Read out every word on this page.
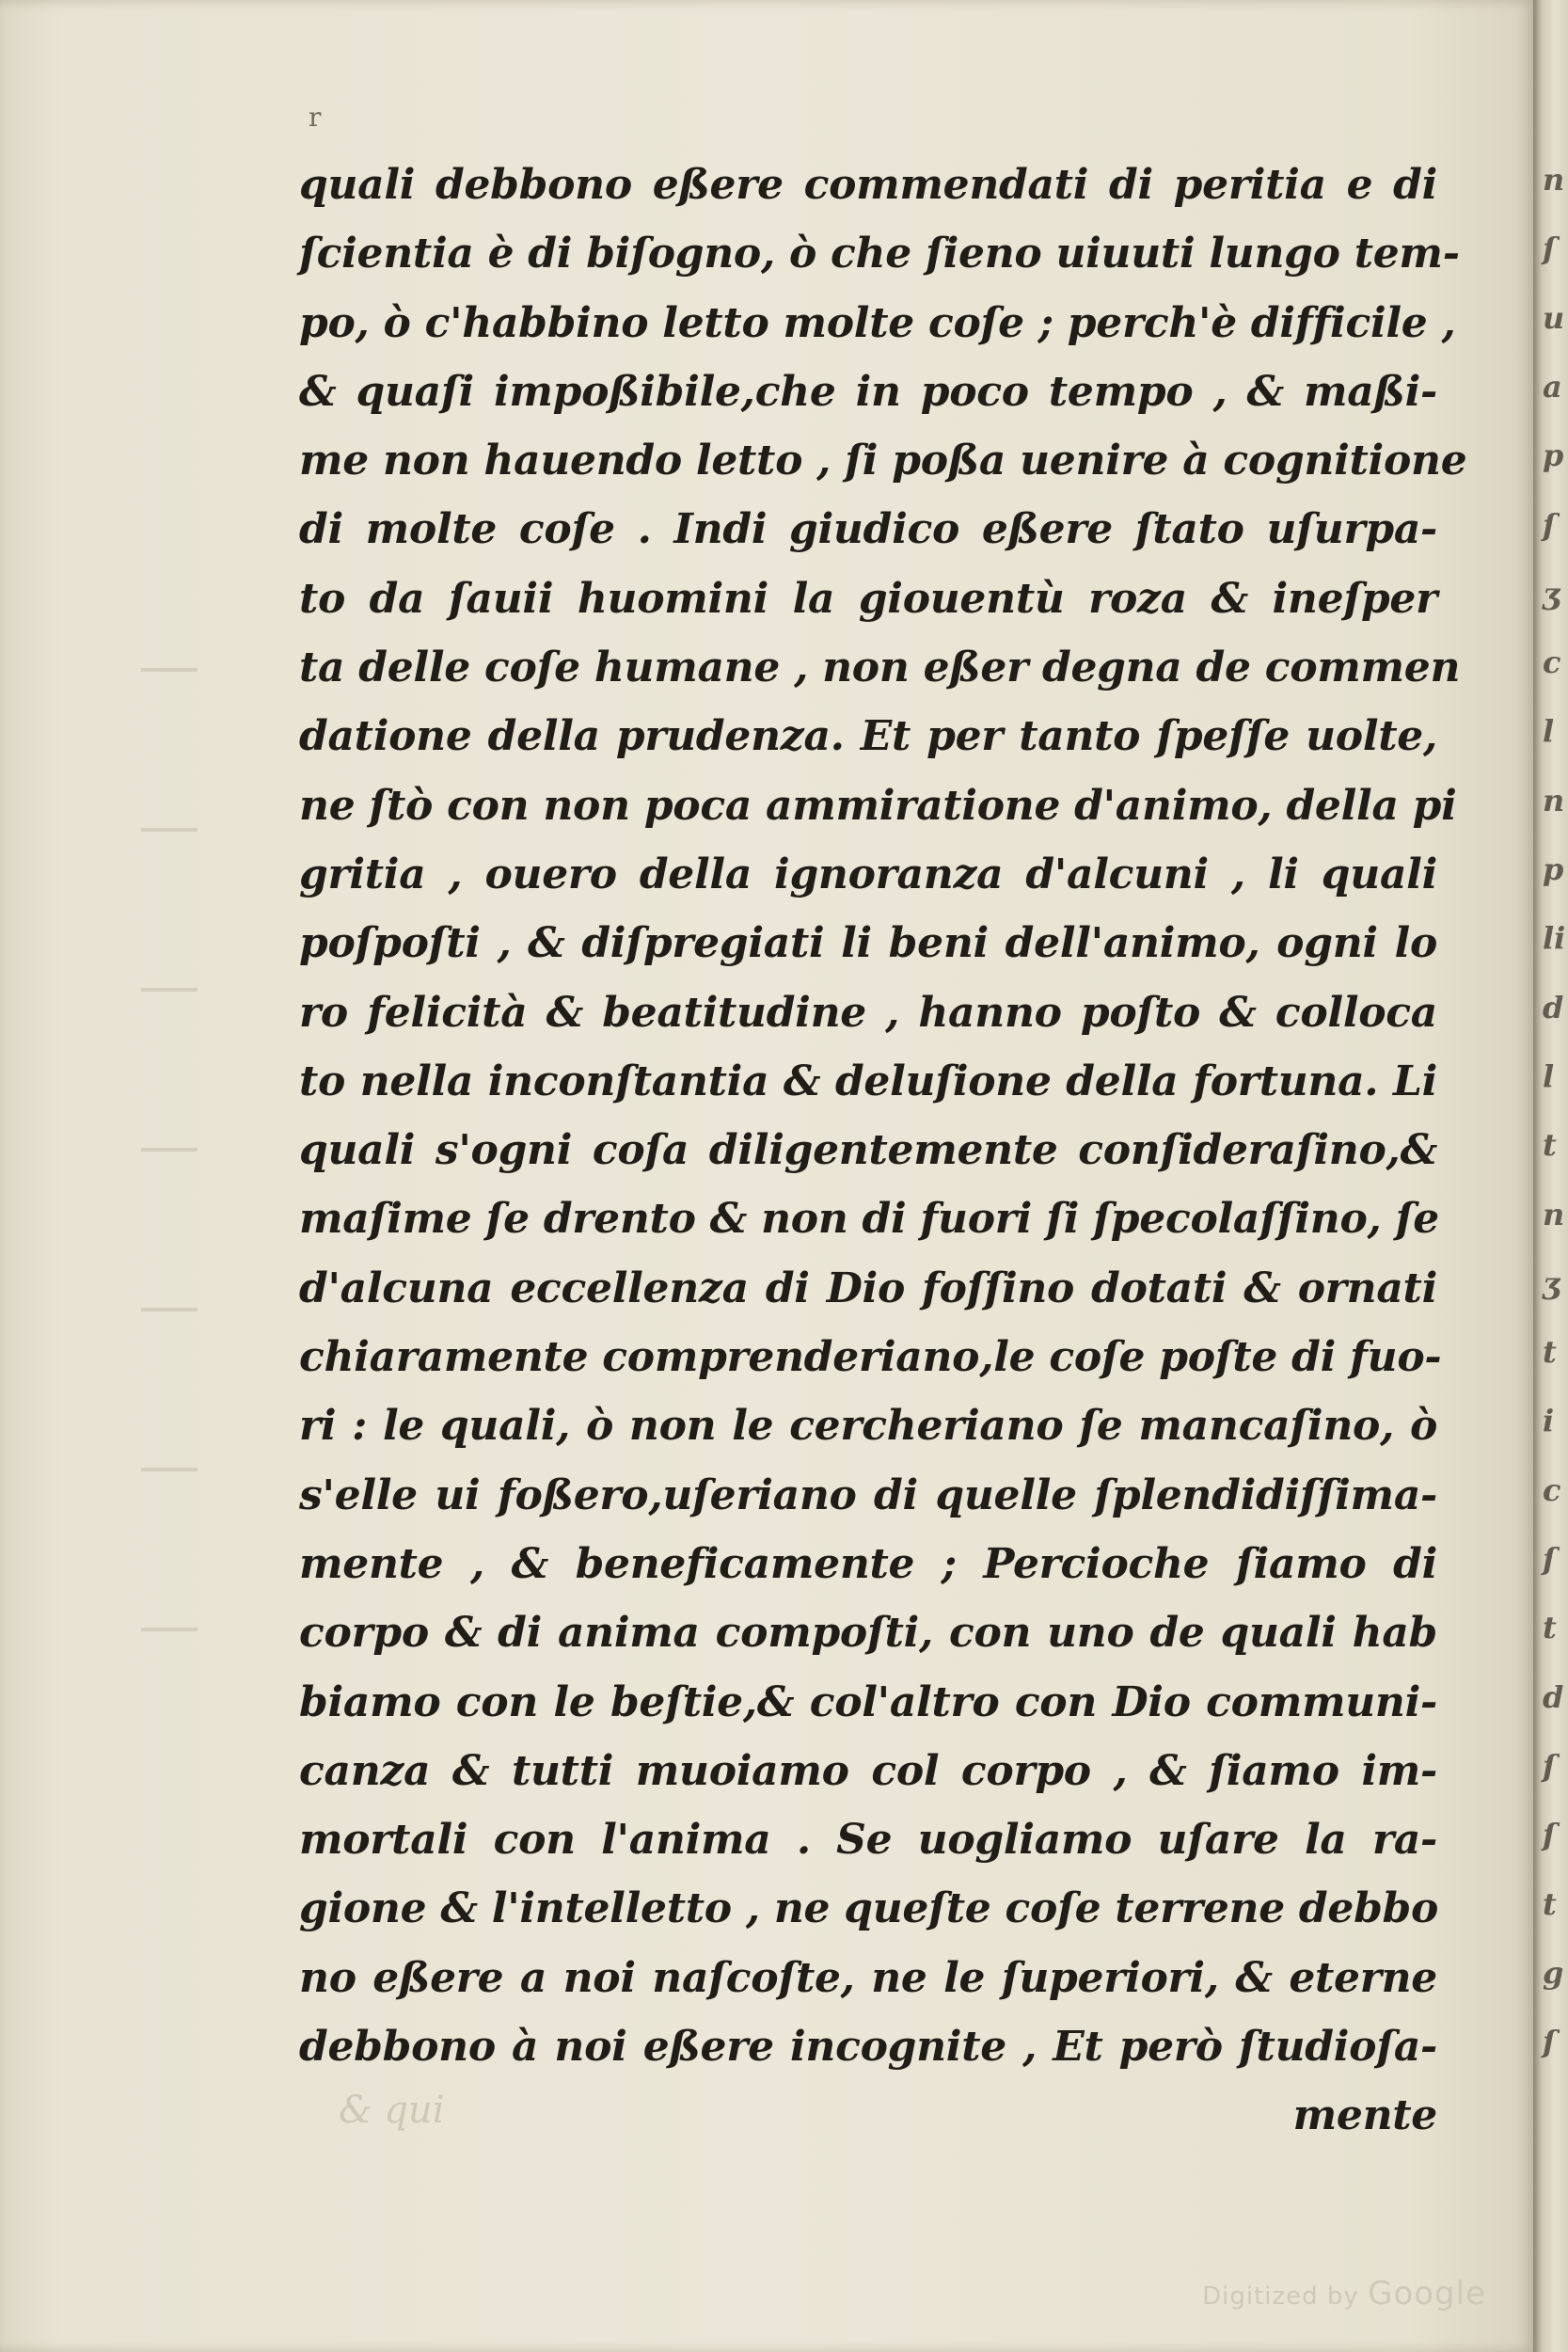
r
quali debbono eßere commendati di peritia e di
ſcientia è di biſogno, ò che ſieno uiuuti lungo tem-
po, ò c'habbino letto molte coſe ; perch'è difficile ,
& quaſi impoßibile,che in poco tempo , & maßi-
me non hauendo letto , ſi poßa uenire à cognitione
di molte coſe . Indi giudico eßere ſtato uſurpa-
to da ſauii huomini la giouentù roza & ineſper
ta delle coſe humane , non eßer degna de commen
datione della prudenza. Et per tanto ſpeſſe uolte,
ne ſtò con non poca ammiratione d'animo, della pi
gritia , ouero della ignoranza d'alcuni , li quali
poſpoſti , & diſpregiati li beni dell'animo, ogni lo
ro felicità & beatitudine , hanno poſto & colloca
to nella inconſtantia & deluſione della fortuna. Li
quali s'ogni coſa diligentemente conſideraſino,&
maſime ſe drento & non di fuori ſi ſpecolaſſino, ſe
d'alcuna eccellenza di Dio foſſino dotati & ornati
chiaramente comprenderiano,le coſe poſte di fuo-
ri : le quali, ò non le cercheriano ſe mancaſino, ò
s'elle ui foßero,uſeriano di quelle ſplendidiſſima-
mente , & beneficamente ; Percioche ſiamo di
corpo & di anima compoſti, con uno de quali hab
biamo con le beſtie,& col'altro con Dio communi-
canza & tutti muoiamo col corpo , & ſiamo im-
mortali con l'anima . Se uogliamo uſare la ra-
gione & l'intelletto , ne queſte coſe terrene debbo
no eßere a noi naſcoſte, ne le ſuperiori, & eterne
debbono à noi eßere incognite , Et però ſtudioſa-
mente
& qui
Digitized by Google
n
ſ
u
a
p
ſ
ʒ
c
l
n
p
li
d
l
t
n
ʒ
t
i
c
ſ
t
d
ſ
ſ
t
g
ſ
